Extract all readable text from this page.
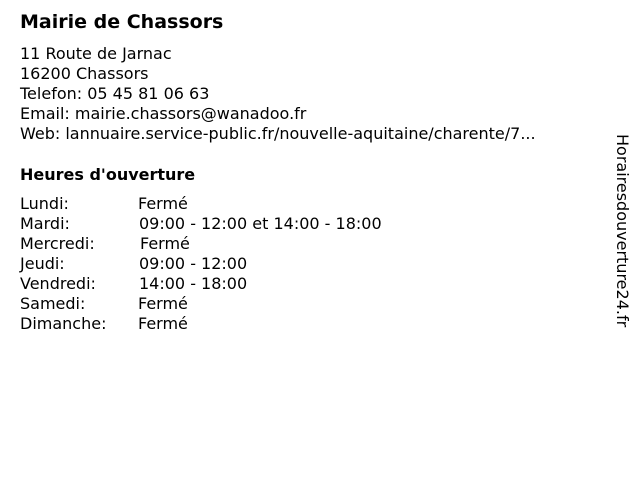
Mairie de Chassors
11 Route de Jarnac
16200 Chassors
Telefon: 05 45 81 06 63
Email: mairie.chassors@wanadoo.fr
Web: lannuaire.service-public.fr/nouvelle-aquitaine/charente/7...
Heures d'ouverture
Lundi:	Fermé
Mardi:	09:00 - 12:00 et 14:00 - 18:00
Mercredi:	Fermé
Jeudi:	09:00 - 12:00
Vendredi:	14:00 - 18:00
Samedi:	Fermé
Dimanche: Fermé	Horairesdouverture24.fr
